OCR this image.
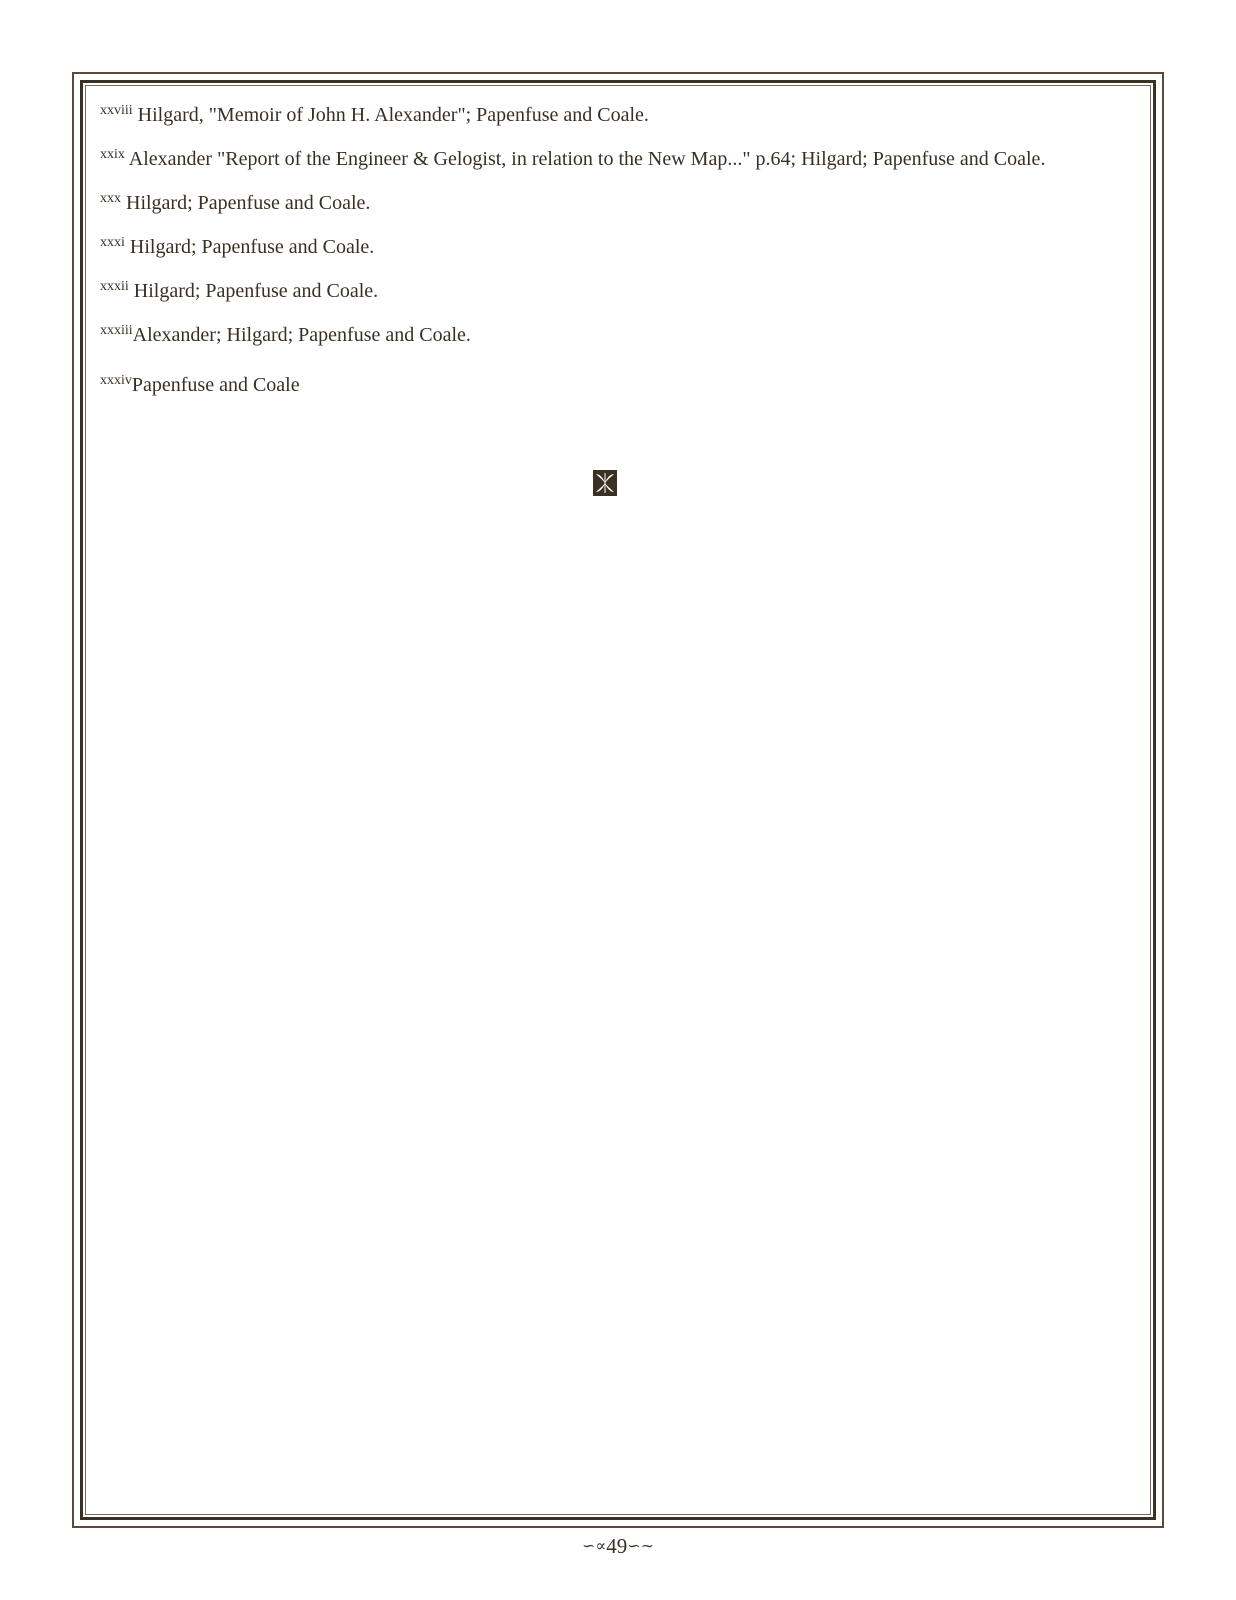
$^{xxviii}$ Hilgard, "Memoir of John H. Alexander"; Papenfuse and Coale.

$^{xxix}$ Alexander "Report of the Engineer & Gelogist, in relation to the New Map..." p.64; Hilgard; Papenfuse and Coale.

$^{xxx}$ Hilgard; Papenfuse and Coale.

$^{xxxi}$ Hilgard; Papenfuse and Coale.

$^{xxxii}$ Hilgard; Papenfuse and Coale.

$^{xxxiii}$Alexander; Hilgard; Papenfuse and Coale.

$^{xxxiv}$Papenfuse and Coale

∽∝49∽∼
